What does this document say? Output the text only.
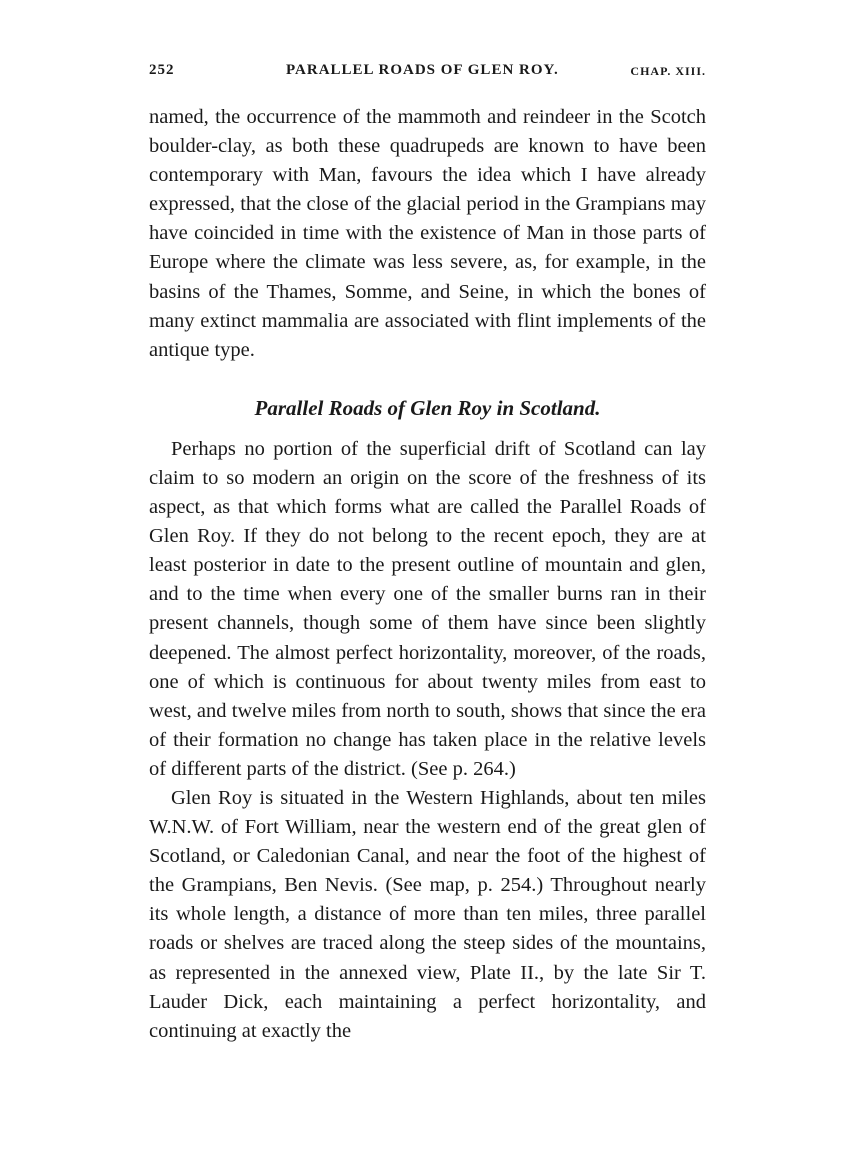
252	PARALLEL ROADS OF GLEN ROY.	CHAP. XIII.

named, the occurrence of the mammoth and reindeer in the Scotch boulder-clay, as both these quadrupeds are known to have been contemporary with Man, favours the idea which I have already expressed, that the close of the glacial period in the Grampians may have coincided in time with the existence of Man in those parts of Europe where the climate was less severe, as, for example, in the basins of the Thames, Somme, and Seine, in which the bones of many extinct mammalia are associated with flint implements of the antique type.

Parallel Roads of Glen Roy in Scotland.

Perhaps no portion of the superficial drift of Scotland can lay claim to so modern an origin on the score of the freshness of its aspect, as that which forms what are called the Parallel Roads of Glen Roy. If they do not belong to the recent epoch, they are at least posterior in date to the present outline of mountain and glen, and to the time when every one of the smaller burns ran in their present channels, though some of them have since been slightly deepened. The almost perfect horizontality, moreover, of the roads, one of which is continuous for about twenty miles from east to west, and twelve miles from north to south, shows that since the era of their formation no change has taken place in the relative levels of different parts of the district. (See p. 264.)

Glen Roy is situated in the Western Highlands, about ten miles W.N.W. of Fort William, near the western end of the great glen of Scotland, or Caledonian Canal, and near the foot of the highest of the Grampians, Ben Nevis. (See map, p. 254.) Throughout nearly its whole length, a distance of more than ten miles, three parallel roads or shelves are traced along the steep sides of the mountains, as represented in the annexed view, Plate II., by the late Sir T. Lauder Dick, each maintaining a perfect horizontality, and continuing at exactly the
